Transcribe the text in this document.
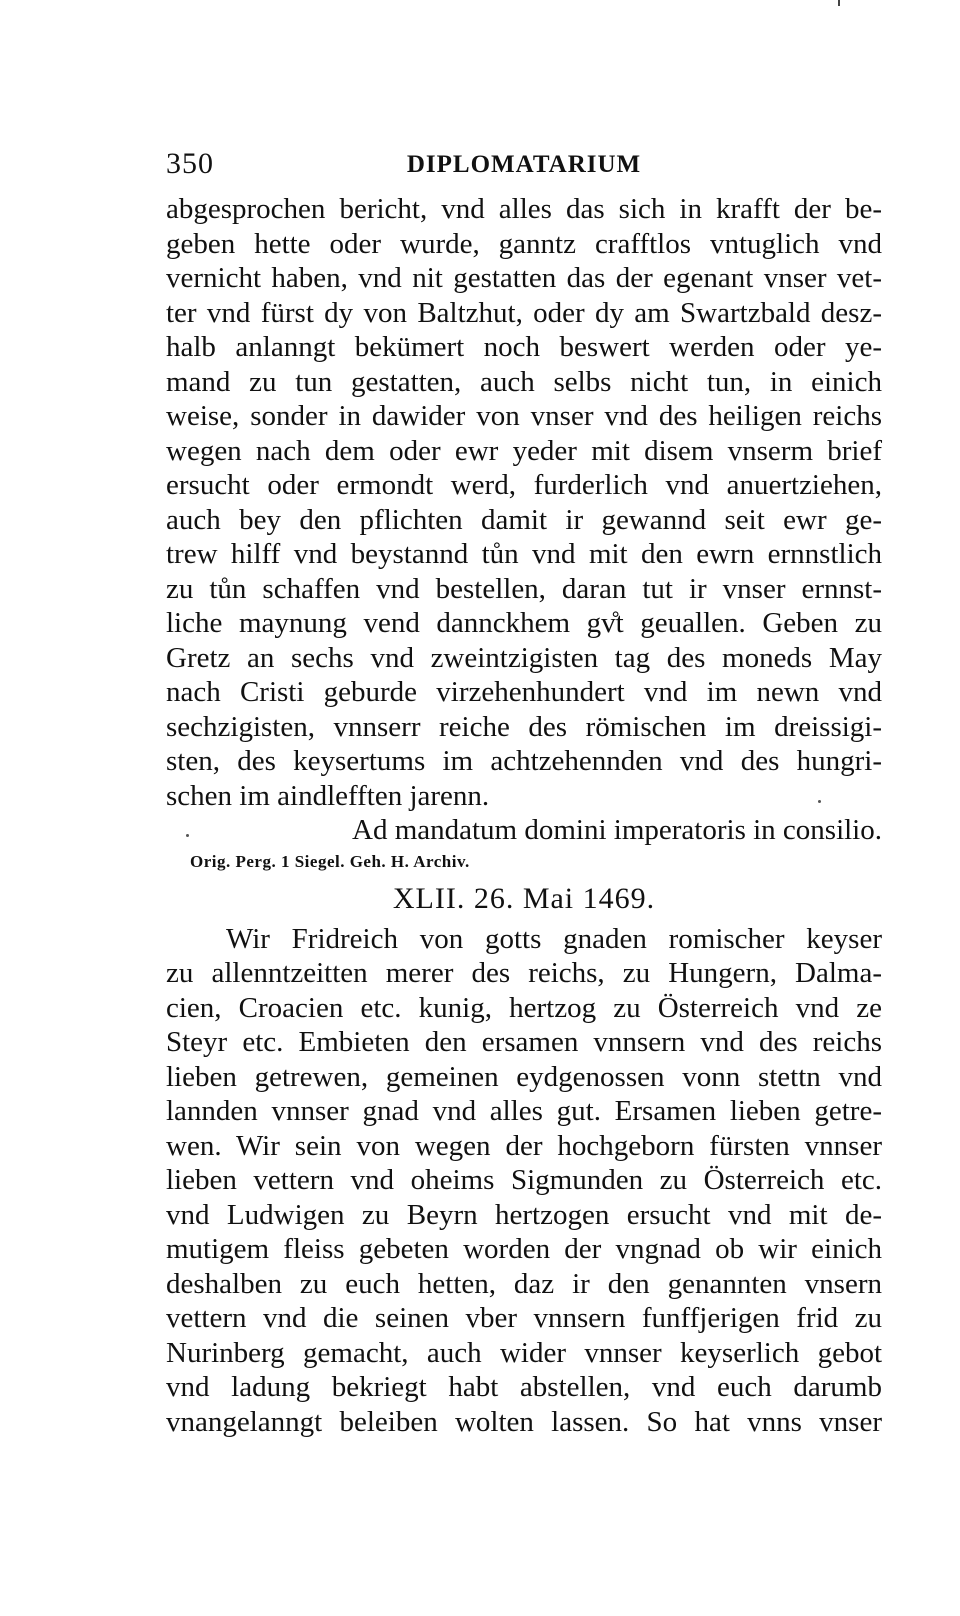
350	DIPLOMATARIUM
abgesprochen bericht, vnd alles das sich in krafft der be-
geben hette oder wurde, ganntz crafftlos vntuglich vnd
vernicht haben, vnd nit gestatten das der egenant vnser vet-
ter vnd fürst dy von Baltzhut, oder dy am Swartzbald desz-
halb anlanngt bekümert noch beswert werden oder ye-
mand zu tun gestatten, auch selbs nicht tun, in einich
weise, sonder in dawider von vnser vnd des heiligen reichs
wegen nach dem oder ewr yeder mit disem vnserm brief
ersucht oder ermondt werd, furderlich vnd anuertziehen,
auch bey den pflichten damit ir gewannd seit ewr ge-
trew hilff vnd beystannd tůn vnd mit den ewrn ernnstlich
zu tůn schaffen vnd bestellen, daran tut ir vnser ernnst-
liche maynung vend dannckhem gv̊t geuallen. Geben zu
Gretz an sechs vnd zweintzigisten tag des moneds May
nach Cristi geburde virzehenhundert vnd im newn vnd
sechzigisten, vnnserr reiche des römischen im dreissigi-
sten, des keysertums im achtzehennden vnd des hungri-
schen im aindlefften jarenn.
Ad mandatum domini imperatoris in consilio.
Orig. Perg. 1 Siegel. Geh. H. Archiv.
XLII. 26. Mai 1469.
Wir Fridreich von gotts gnaden romischer keyser
zu allenntzeitten merer des reichs, zu Hungern, Dalma-
cien, Croacien etc. kunig, hertzog zu Österreich vnd ze
Steyr etc. Embieten den ersamen vnnsern vnd des reichs
lieben getrewen, gemeinen eydgenossen vonn stettn vnd
lannden vnnser gnad vnd alles gut. Ersamen lieben getre-
wen. Wir sein von wegen der hochgeborn fürsten vnnser
lieben vettern vnd oheims Sigmunden zu Österreich etc.
vnd Ludwigen zu Beyrn hertzogen ersucht vnd mit de-
mutigem fleiss gebeten worden der vngnad ob wir einich
deshalben zu euch hetten, daz ir den genannten vnsern
vettern vnd die seinen vber vnnsern funffjerigen frid zu
Nurinberg gemacht, auch wider vnnser keyserlich gebot
vnd ladung bekriegt habt abstellen, vnd euch darumb
vnangelanngt beleiben wolten lassen. So hat vnns vnser
